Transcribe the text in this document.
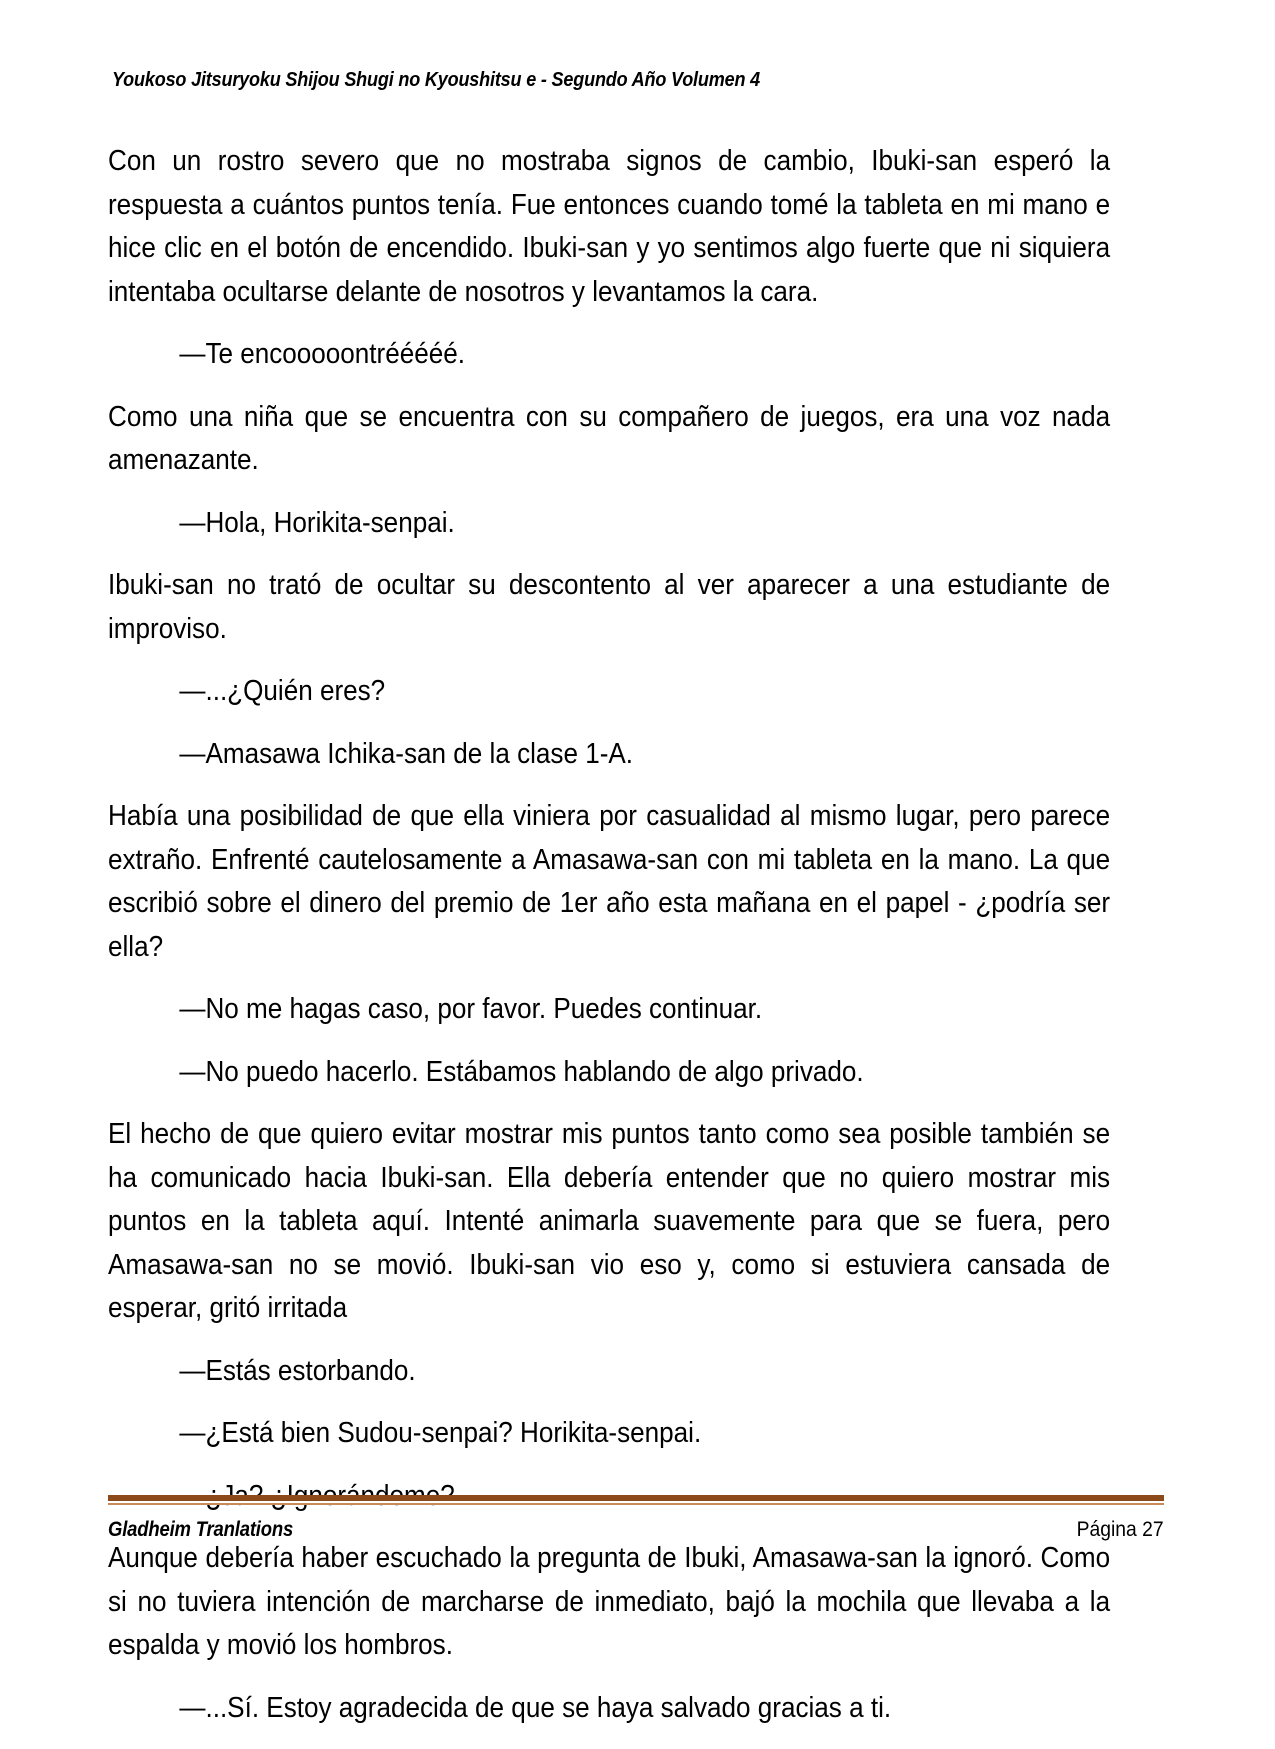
Youkoso Jitsuryoku Shijou Shugi no Kyoushitsu e - Segundo Año Volumen 4

Con un rostro severo que no mostraba signos de cambio, Ibuki-san esperó la respuesta a cuántos puntos tenía. Fue entonces cuando tomé la tableta en mi mano e hice clic en el botón de encendido. Ibuki-san y yo sentimos algo fuerte que ni siquiera intentaba ocultarse delante de nosotros y levantamos la cara.

—Te encooooontrééééé.

Como una niña que se encuentra con su compañero de juegos, era una voz nada amenazante.

—Hola, Horikita-senpai.

Ibuki-san no trató de ocultar su descontento al ver aparecer a una estudiante de improviso.

—...¿Quién eres?

—Amasawa Ichika-san de la clase 1-A.

Había una posibilidad de que ella viniera por casualidad al mismo lugar, pero parece extraño. Enfrenté cautelosamente a Amasawa-san con mi tableta en la mano. La que escribió sobre el dinero del premio de 1er año esta mañana en el papel - ¿podría ser ella?

—No me hagas caso, por favor. Puedes continuar.

—No puedo hacerlo. Estábamos hablando de algo privado.

El hecho de que quiero evitar mostrar mis puntos tanto como sea posible también se ha comunicado hacia Ibuki-san. Ella debería entender que no quiero mostrar mis puntos en la tableta aquí. Intenté animarla suavemente para que se fuera, pero Amasawa-san no se movió. Ibuki-san vio eso y, como si estuviera cansada de esperar, gritó irritada

—Estás estorbando.

—¿Está bien Sudou-senpai? Horikita-senpai.

Aunque debería haber escuchado la pregunta de Ibuki, Amasawa-san la ignoró. Como si no tuviera intención de marcharse de inmediato, bajó la mochila que llevaba a la espalda y movió los hombros.

—...Sí. Estoy agradecida de que se haya salvado gracias a ti.

Gladheim Tranlations	Página 27
